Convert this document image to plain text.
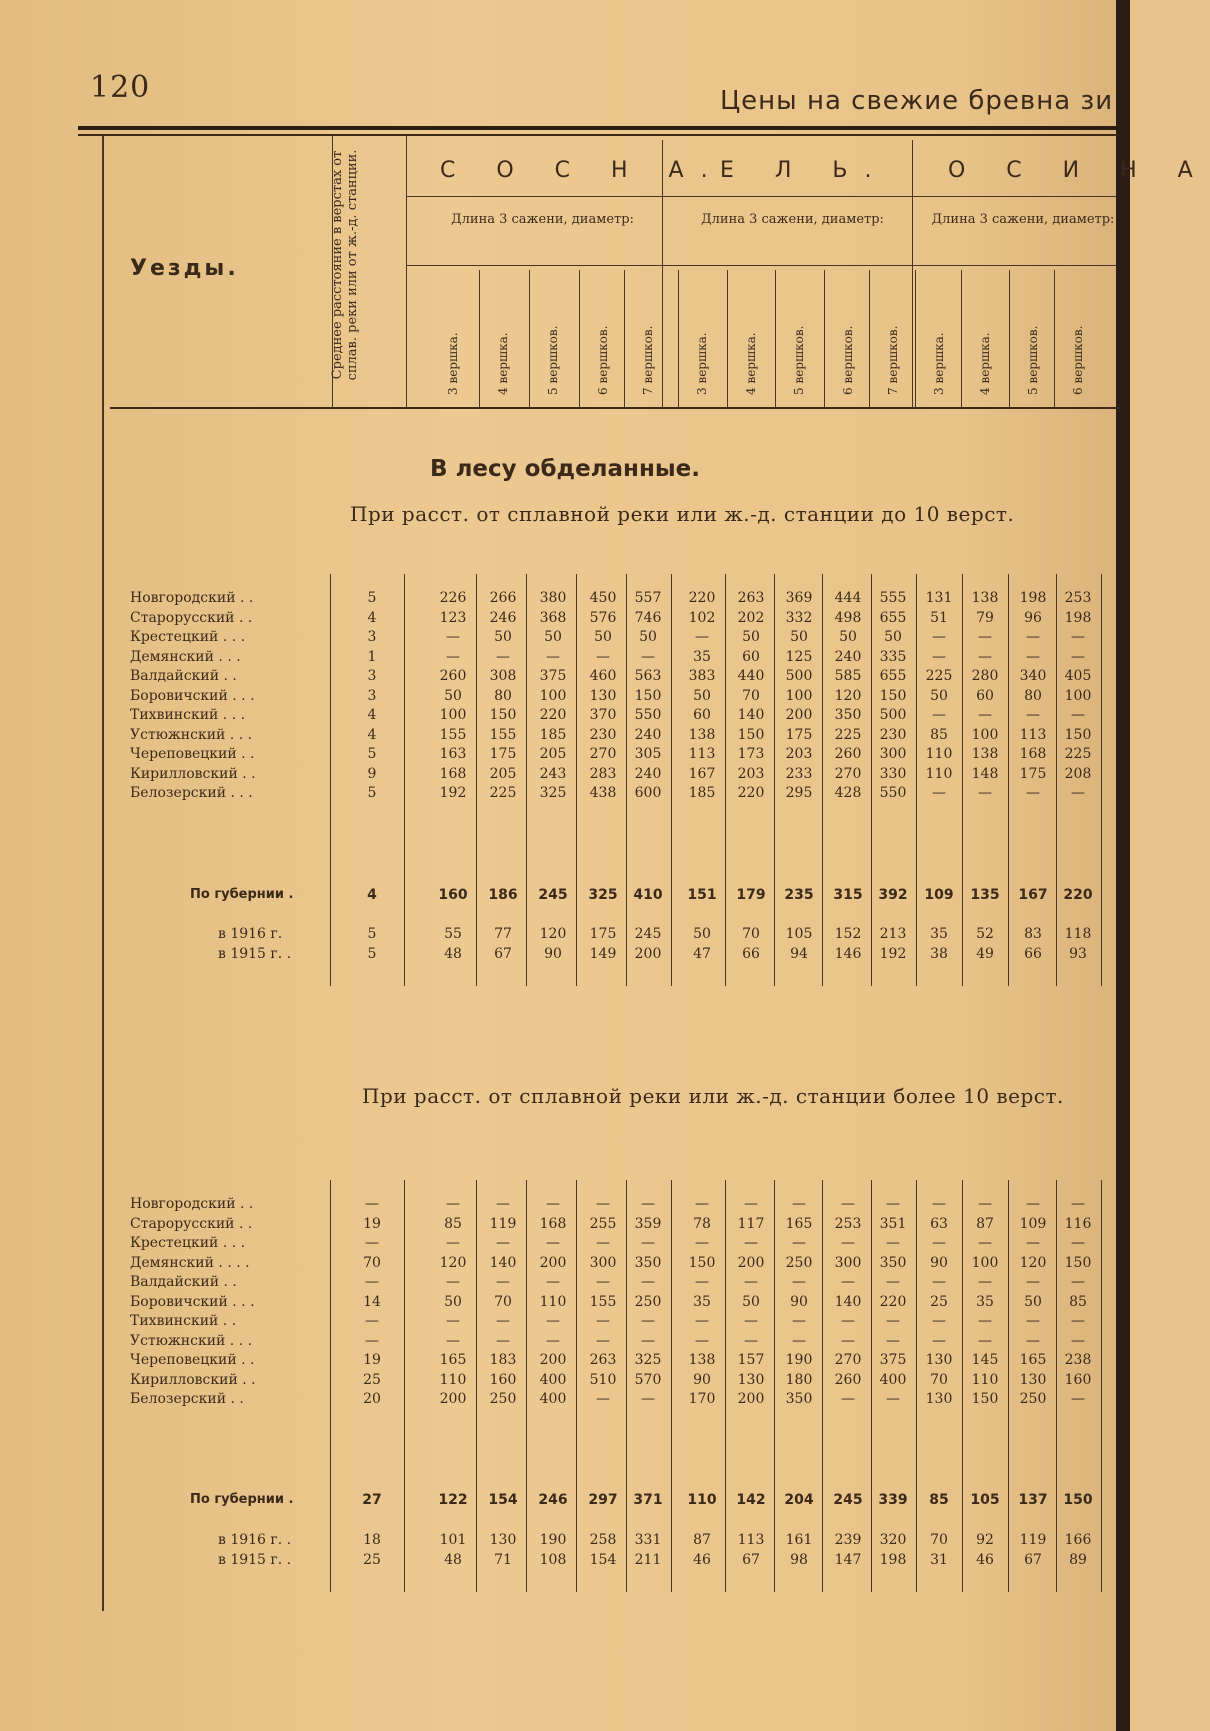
120	Цены на свежие бревна зи
Уезды.	Среднее расстояние в верстах от сплав. реки или от ж.-д. станции.	С О С Н А.
Е Л Ь.	О С И Н А
Длина 3 сажени, диаметр:	Длина 3 сажени, диаметр:	Длина 3 сажени, диаметр:
3 вершка.	4 вершка.	5 вершков.	6 вершков.	7 вершков.	3 вершка.	4 вершка.	5 вершков.	6 вершков.	7 вершков.	3 вершка.	4 вершка.	5 вершков.	6 вершков.
В лесу обделанные.
При расст. от сплавной реки или ж.-д. станции до 10 верст.
При расст. от сплавной реки или ж.-д. станции более 10 верст.
Новгородский . .	5	226	266	380	450	557	220	263	369	444	555	131	138	198	253
Старорусский . .	4	123	246	368	576	746	102	202	332	498	655	51	79	96	198
Крестецкий . . .	3	—	50	50	50	50	—	50	50	50	50	—	—	—	—
Демянский . . .	1	—	—	—	—	—	35	60	125	240	335	—	—	—	—
Валдайский . .	3	260	308	375	460	563	383	440	500	585	655	225	280	340	405
Боровичский . . .	3	50	80	100	130	150	50	70	100	120	150	50	60	80	100
Тихвинский . . .	4	100	150	220	370	550	60	140	200	350	500	—	—	—	—
Устюжнский . . .	4	155	155	185	230	240	138	150	175	225	230	85	100	113	150
Череповецкий . .	5	163	175	205	270	305	113	173	203	260	300	110	138	168	225
Кирилловский . .	9	168	205	243	283	240	167	203	233	270	330	110	148	175	208
Белозерский . . .	5	192	225	325	438	600	185	220	295	428	550	—	—	—	—
По губернии .	4	160	186	245	325	410	151	179	235	315	392	109	135	167	220
в 1916 г.	5	55	77	120	175	245	50	70	105	152	213	35	52	83	118
в 1915 г. .	5	48	67	90	149	200	47	66	94	146	192	38	49	66	93
Новгородский . .	—	—	—	—	—	—	—	—	—	—	—	—	—	—	—
Старорусский . .	19	85	119	168	255	359	78	117	165	253	351	63	87	109	116
Крестецкий . . .	—	—	—	—	—	—	—	—	—	—	—	—	—	—	—
Демянский . . . .	70	120	140	200	300	350	150	200	250	300	350	90	100	120	150
Валдайский . .	—	—	—	—	—	—	—	—	—	—	—	—	—	—	—
Боровичский . . .	14	50	70	110	155	250	35	50	90	140	220	25	35	50	85
Тихвинский . .	—	—	—	—	—	—	—	—	—	—	—	—	—	—	—
Устюжнский . . .	—	—	—	—	—	—	—	—	—	—	—	—	—	—	—
Череповецкий . .	19	165	183	200	263	325	138	157	190	270	375	130	145	165	238
Кирилловский . .	25	110	160	400	510	570	90	130	180	260	400	70	110	130	160
Белозерский . .	20	200	250	400	—	—	170	200	350	—	—	130	150	250	—
По губернии .	27	122	154	246	297	371	110	142	204	245	339	85	105	137	150
в 1916 г. .	18	101	130	190	258	331	87	113	161	239	320	70	92	119	166
в 1915 г. .	25	48	71	108	154	211	46	67	98	147	198	31	46	67	89
